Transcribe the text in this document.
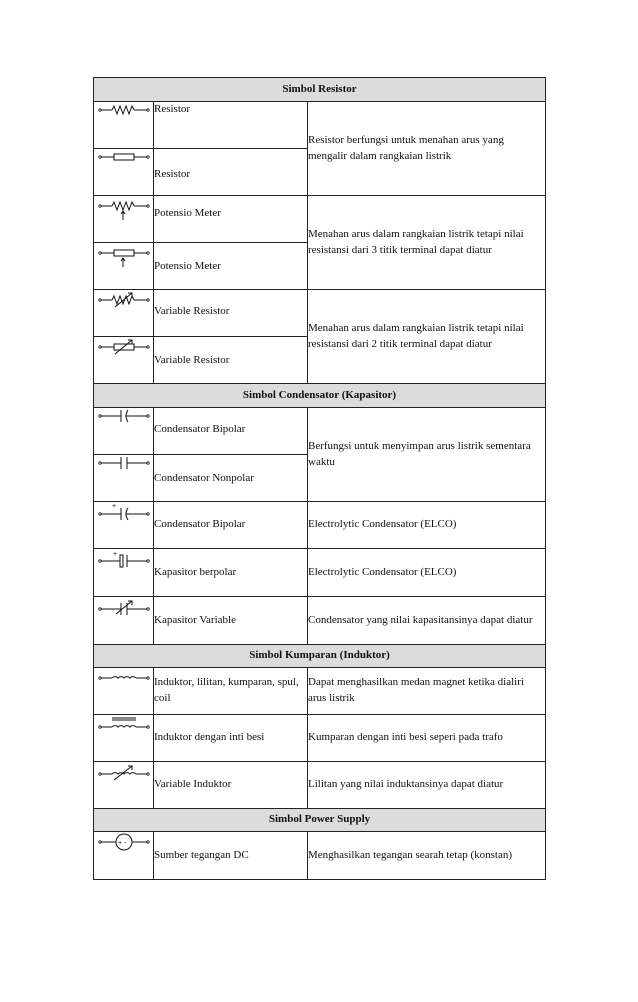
Simbol Resistor		

	Resistor	Resistor berfungsi untuk menahan arus yang mengalir dalam rangkaian listrik

	Resistor	

	Potensio Meter	Menahan arus dalam rangkaian listrik tetapi nilai resistansi dari 3 titik terminal dapat diatur

	Potensio Meter	

	Variable Resistor	Menahan arus dalam rangkaian listrik tetapi nilai resistansi dari 2 titik terminal dapat diatur

	Variable Resistor	
Simbol Condensator (Kapasitor)		

	Condensator Bipolar	Berfungsi untuk menyimpan arus listrik sementara waktu

	Condensator Nonpolar	

+	Condensator Bipolar	Electrolytic Condensator (ELCO)

+	Kapasitor berpolar	Electrolytic Condensator (ELCO)

	Kapasitor Variable	Condensator yang nilai kapasitansinya dapat diatur
Simbol Kumparan (Induktor)		

	Induktor, lilitan, kumparan, spul, coil	Dapat menghasilkan medan magnet ketika dialiri arus listrik

	Induktor dengan inti besi	Kumparan dengan inti besi seperi pada trafo

	Variable Induktor	Lilitan yang nilai induktansinya dapat diatur
Simbol Power Supply		

+ -	Sumber tegangan DC	Menghasilkan tegangan searah tetap (konstan)
